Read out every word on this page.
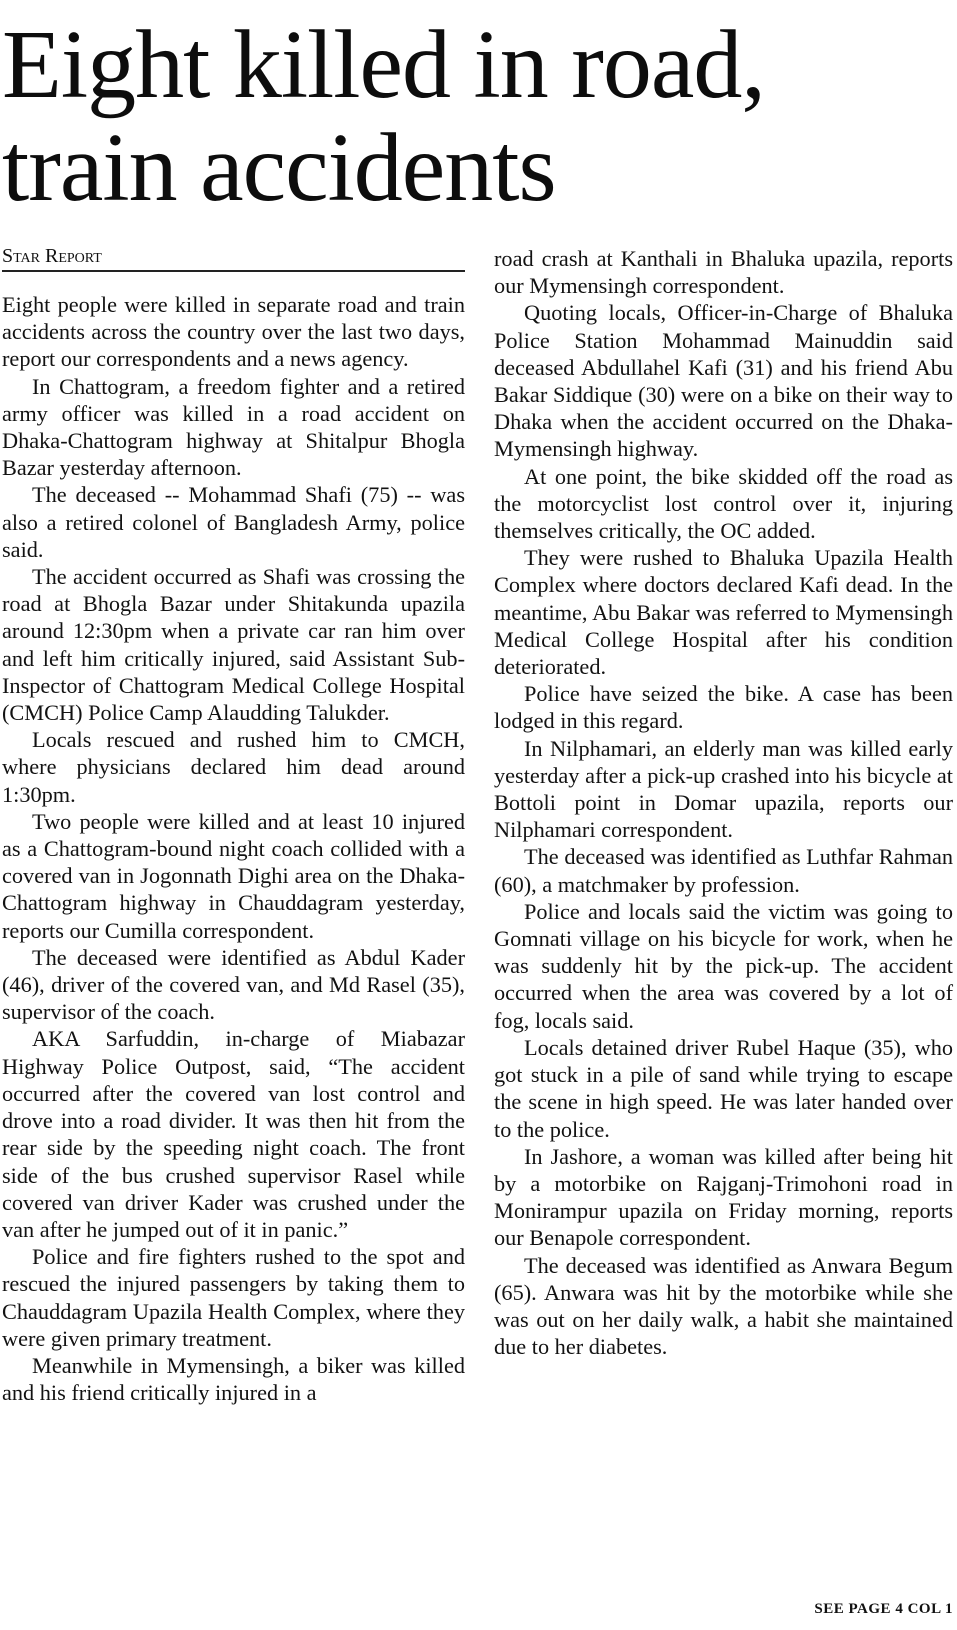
Eight killed in road,
train accidents
Star Report

Eight people were killed in separate road and train accidents across the country over the last two days, report our correspondents and a news agency.

In Chattogram, a freedom fighter and a retired army officer was killed in a road accident on Dhaka-Chattogram highway at Shitalpur Bhogla Bazar yesterday afternoon.

The deceased -- Mohammad Shafi (75) -- was also a retired colonel of Bangladesh Army, police said.

The accident occurred as Shafi was crossing the road at Bhogla Bazar under Shitakunda upazila around 12:30pm when a private car ran him over and left him critically injured, said Assistant Sub-Inspector of Chattogram Medical College Hospital (CMCH) Police Camp Alaudding Talukder.

Locals rescued and rushed him to CMCH, where physicians declared him dead around 1:30pm.

Two people were killed and at least 10 injured as a Chattogram-bound night coach collided with a covered van in Jogonnath Dighi area on the Dhaka-Chattogram highway in Chauddagram yesterday, reports our Cumilla correspondent.

The deceased were identified as Abdul Kader (46), driver of the covered van, and Md Rasel (35), supervisor of the coach.

AKA Sarfuddin, in-charge of Miabazar Highway Police Outpost, said, “The accident occurred after the covered van lost control and drove into a road divider. It was then hit from the rear side by the speeding night coach. The front side of the bus crushed supervisor Rasel while covered van driver Kader was crushed under the van after he jumped out of it in panic.”

Police and fire fighters rushed to the spot and rescued the injured passengers by taking them to Chauddagram Upazila Health Complex, where they were given primary treatment.

Meanwhile in Mymensingh, a biker was killed and his friend critically injured in a

road crash at Kanthali in Bhaluka upazila, reports our Mymensingh correspondent.

Quoting locals, Officer-in-Charge of Bhaluka Police Station Mohammad Mainuddin said deceased Abdullahel Kafi (31) and his friend Abu Bakar Siddique (30) were on a bike on their way to Dhaka when the accident occurred on the Dhaka-Mymensingh highway.

At one point, the bike skidded off the road as the motorcyclist lost control over it, injuring themselves critically, the OC added.

They were rushed to Bhaluka Upazila Health Complex where doctors declared Kafi dead. In the meantime, Abu Bakar was referred to Mymensingh Medical College Hospital after his condition deteriorated.

Police have seized the bike. A case has been lodged in this regard.

In Nilphamari, an elderly man was killed early yesterday after a pick-up crashed into his bicycle at Bottoli point in Domar upazila, reports our Nilphamari correspondent.

The deceased was identified as Luthfar Rahman (60), a matchmaker by profession.

Police and locals said the victim was going to Gomnati village on his bicycle for work, when he was suddenly hit by the pick-up. The accident occurred when the area was covered by a lot of fog, locals said.

Locals detained driver Rubel Haque (35), who got stuck in a pile of sand while trying to escape the scene in high speed. He was later handed over to the police.

In Jashore, a woman was killed after being hit by a motorbike on Rajganj-Trimohoni road in Monirampur upazila on Friday morning, reports our Benapole correspondent.

The deceased was identified as Anwara Begum (65). Anwara was hit by the motorbike while she was out on her daily walk, a habit she maintained due to her diabetes.

SEE PAGE 4 COL 1
